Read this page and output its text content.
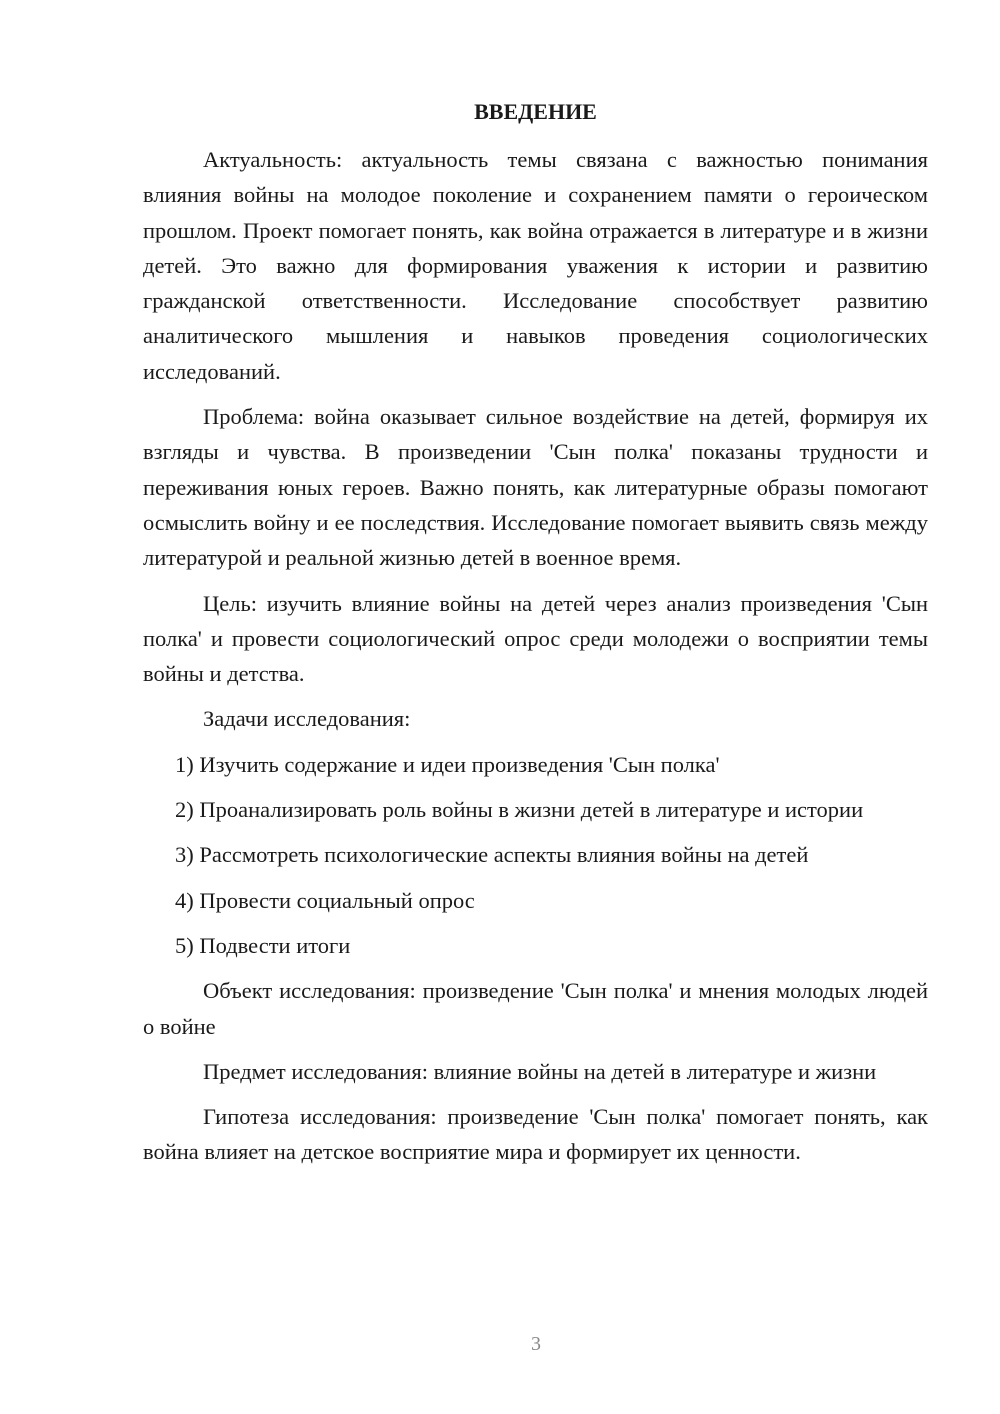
ВВЕДЕНИЕ

Актуальность: актуальность темы связана с важностью понимания влияния войны на молодое поколение и сохранением памяти о героическом прошлом. Проект помогает понять, как война отражается в литературе и в жизни детей. Это важно для формирования уважения к истории и развитию гражданской ответственности. Исследование способствует развитию аналитического мышления и навыков проведения социологических исследований.

Проблема: война оказывает сильное воздействие на детей, формируя их взгляды и чувства. В произведении 'Сын полка' показаны трудности и переживания юных героев. Важно понять, как литературные образы помогают осмыслить войну и ее последствия. Исследование помогает выявить связь между литературой и реальной жизнью детей в военное время.

Цель: изучить влияние войны на детей через анализ произведения 'Сын полка' и провести социологический опрос среди молодежи о восприятии темы войны и детства.

Задачи исследования:

1) Изучить содержание и идеи произведения 'Сын полка'

2) Проанализировать роль войны в жизни детей в литературе и истории

3) Рассмотреть психологические аспекты влияния войны на детей

4) Провести социальный опрос

5) Подвести итоги

Объект исследования: произведение 'Сын полка' и мнения молодых людей о войне

Предмет исследования: влияние войны на детей в литературе и жизни

Гипотеза исследования: произведение 'Сын полка' помогает понять, как война влияет на детское восприятие мира и формирует их ценности.

3
